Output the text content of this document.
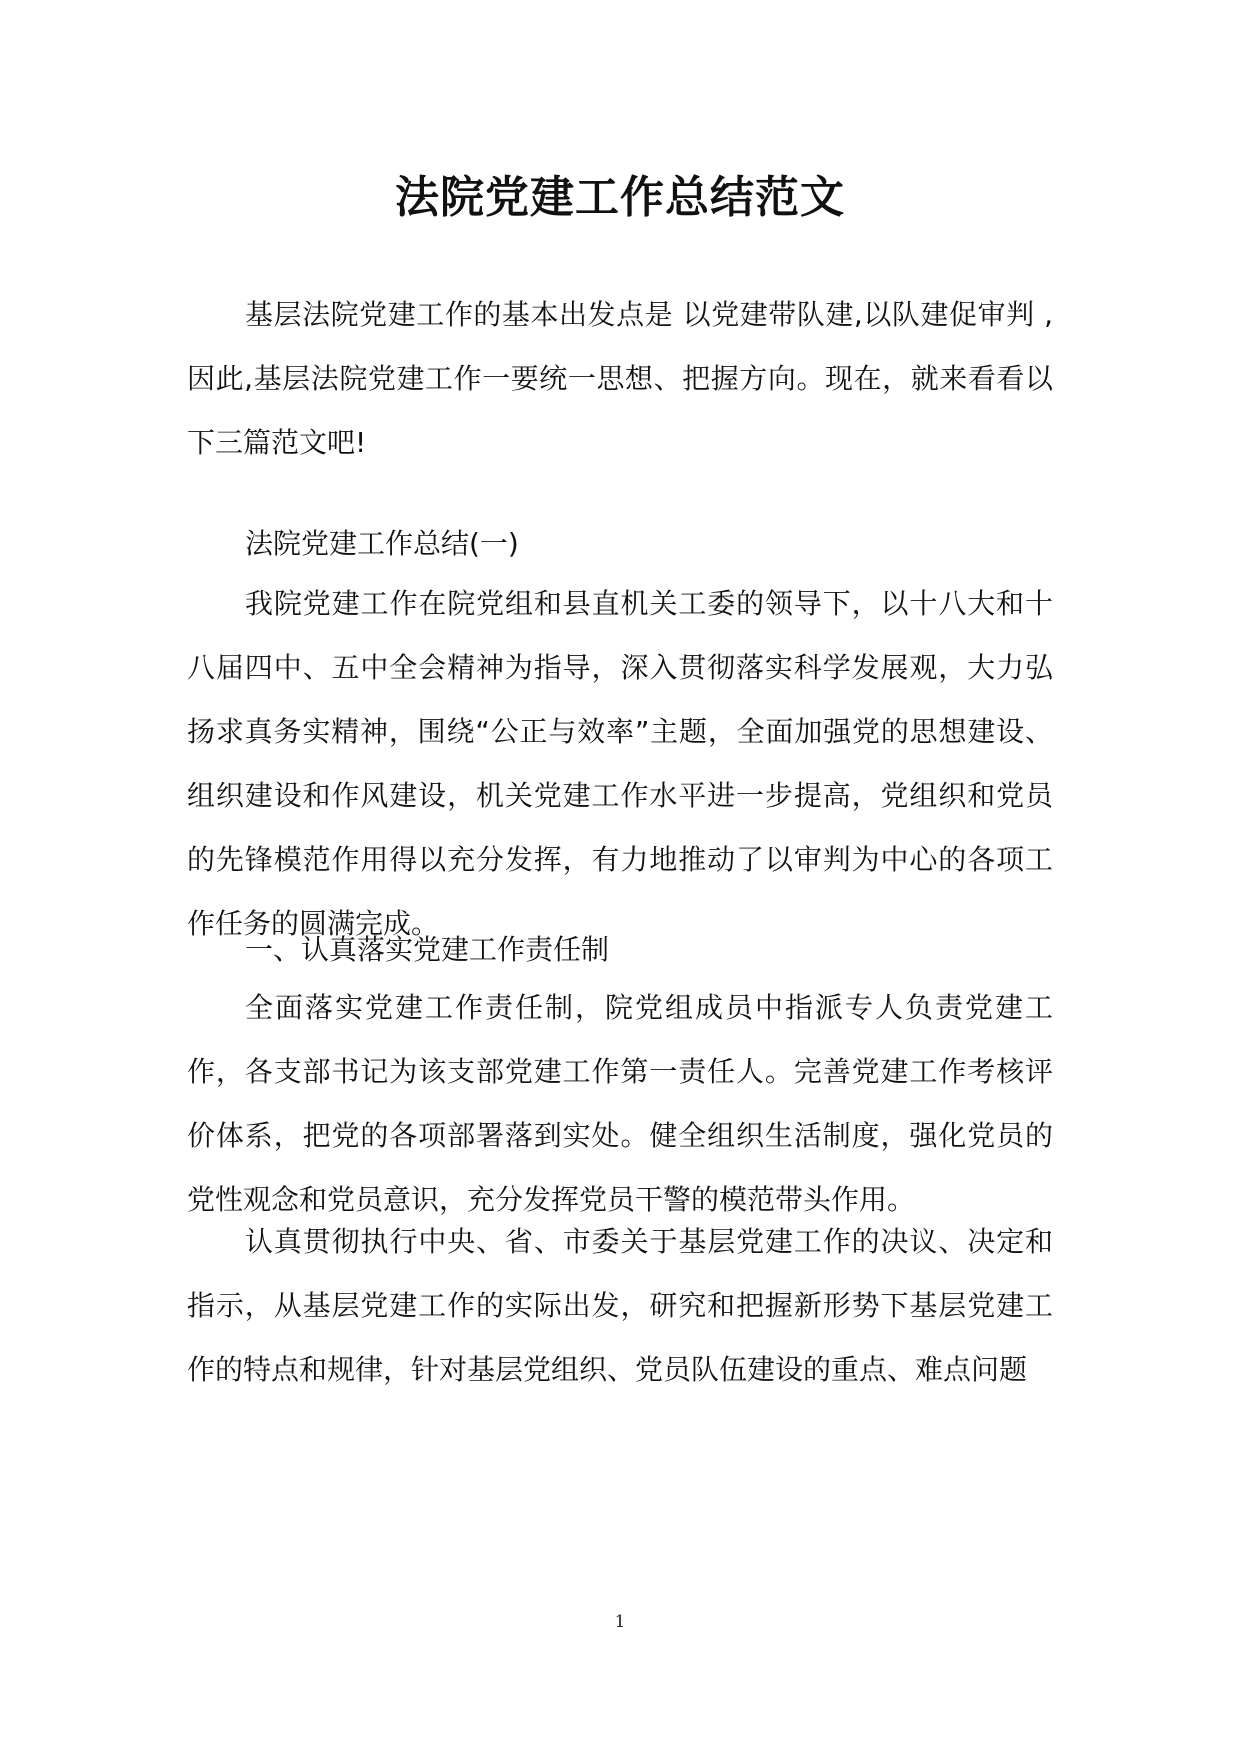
法院党建工作总结范文

基层法院党建工作的基本出发点是 以党建带队建,以队建促审判 ,因此,基层法院党建工作一要统一思想、把握方向。现在，就来看看以下三篇范文吧!

法院党建工作总结(一)

我院党建工作在院党组和县直机关工委的领导下，以十八大和十八届四中、五中全会精神为指导，深入贯彻落实科学发展观，大力弘扬求真务实精神，围绕“公正与效率”主题，全面加强党的思想建设、组织建设和作风建设，机关党建工作水平进一步提高，党组织和党员的先锋模范作用得以充分发挥，有力地推动了以审判为中心的各项工作任务的圆满完成。

一、认真落实党建工作责任制

全面落实党建工作责任制，院党组成员中指派专人负责党建工作，各支部书记为该支部党建工作第一责任人。完善党建工作考核评价体系，把党的各项部署落到实处。健全组织生活制度，强化党员的党性观念和党员意识，充分发挥党员干警的模范带头作用。

认真贯彻执行中央、省、市委关于基层党建工作的决议、决定和指示，从基层党建工作的实际出发，研究和把握新形势下基层党建工作的特点和规律，针对基层党组织、党员队伍建设的重点、难点问题

1
